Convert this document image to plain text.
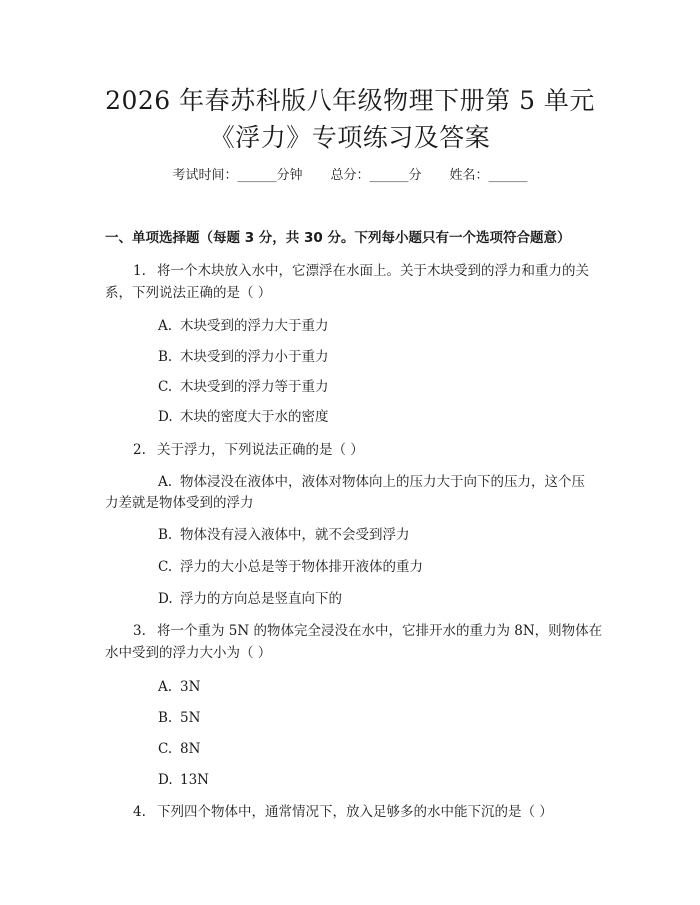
2026 年春苏科版八年级物理下册第 5 单元
《浮力》专项练习及答案
考试时间：______分钟 总分：______分 姓名：______
一、单项选择题（每题 3 分，共 30 分。下列每小题只有一个选项符合题意）
1. 将一个木块放入水中，它漂浮在水面上。关于木块受到的浮力和重力的关
系，下列说法正确的是（ ）
A. 木块受到的浮力大于重力
B. 木块受到的浮力小于重力
C. 木块受到的浮力等于重力
D. 木块的密度大于水的密度
2. 关于浮力，下列说法正确的是（ ）
A. 物体浸没在液体中，液体对物体向上的压力大于向下的压力，这个压
力差就是物体受到的浮力
B. 物体没有浸入液体中，就不会受到浮力
C. 浮力的大小总是等于物体排开液体的重力
D. 浮力的方向总是竖直向下的
3. 将一个重为 5N 的物体完全浸没在水中，它排开水的重力为 8N，则物体在
水中受到的浮力大小为（ ）
A. 3N
B. 5N
C. 8N
D. 13N
4. 下列四个物体中，通常情况下，放入足够多的水中能下沉的是（ ）
